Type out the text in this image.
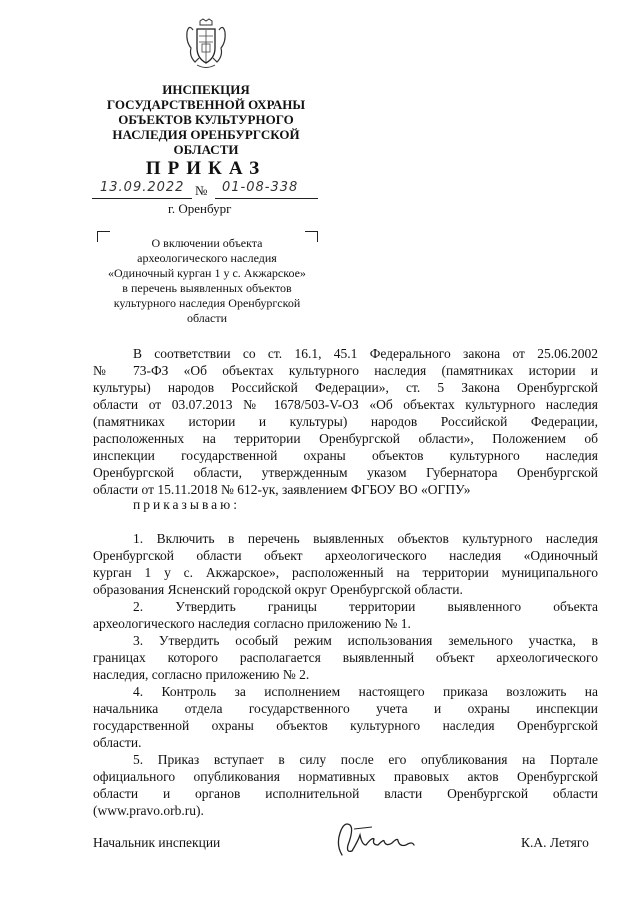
ИНСПЕКЦИЯ
ГОСУДАРСТВЕННОЙ ОХРАНЫ
ОБЪЕКТОВ КУЛЬТУРНОГО
НАСЛЕДИЯ ОРЕНБУРГСКОЙ
ОБЛАСТИ
ПРИКАЗ
13.09.2022 № 01-08-338
г. Оренбург
О включении объекта
археологического наследия
«Одиночный курган 1 у с. Акжарское»
в перечень выявленных объектов
культурного наследия Оренбургской
области
В соответствии со ст. 16.1, 45.1 Федерального закона от 25.06.2002
№ 73-ФЗ «Об объектах культурного наследия (памятниках истории и
культуры) народов Российской Федерации», ст. 5 Закона Оренбургской
области от 03.07.2013 № 1678/503-V-ОЗ «Об объектах культурного наследия
(памятниках истории и культуры) народов Российской Федерации,
расположенных на территории Оренбургской области», Положением об
инспекции государственной охраны объектов культурного наследия
Оренбургской области, утвержденным указом Губернатора Оренбургской
области от 15.11.2018 № 612-ук, заявлением ФГБОУ ВО «ОГПУ»
приказываю:
1. Включить в перечень выявленных объектов культурного наследия
Оренбургской области объект археологического наследия «Одиночный
курган 1 у с. Акжарское», расположенный на территории муниципального
образования Ясненский городской округ Оренбургской области.
2. Утвердить границы территории выявленного объекта
археологического наследия согласно приложению № 1.
3. Утвердить особый режим использования земельного участка, в
границах которого располагается выявленный объект археологического
наследия, согласно приложению № 2.
4. Контроль за исполнением настоящего приказа возложить на
начальника отдела государственного учета и охраны инспекции
государственной охраны объектов культурного наследия Оренбургской
области.
5. Приказ вступает в силу после его опубликования на Портале
официального опубликования нормативных правовых актов Оренбургской
области и органов исполнительной власти Оренбургской области
(www.pravo.orb.ru).
Начальник инспекции	К.А. Летяго
